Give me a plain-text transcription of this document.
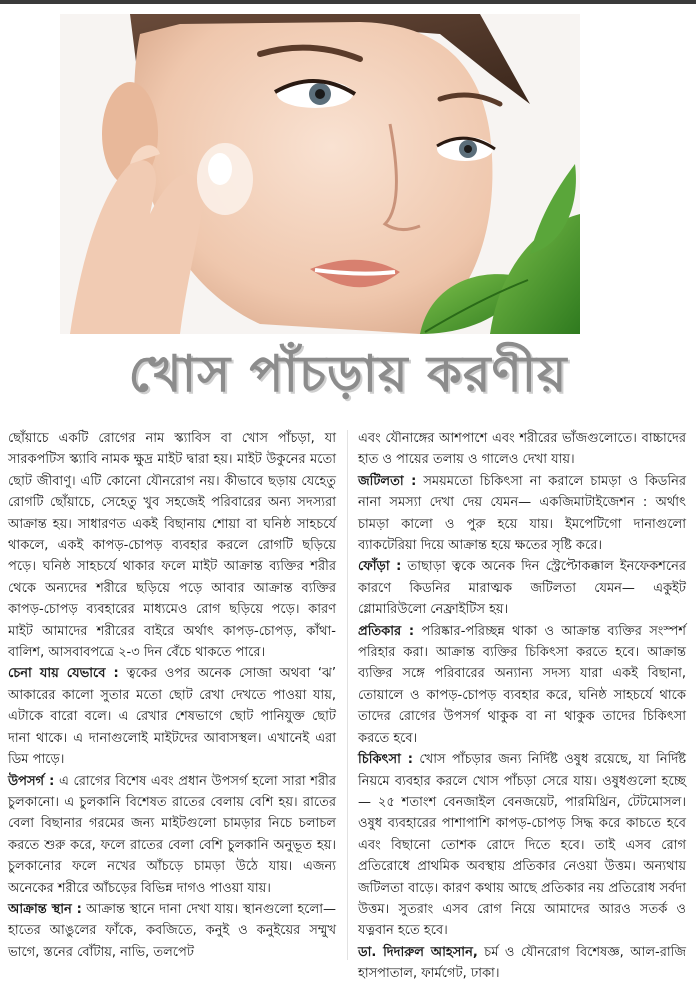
খোস পাঁচড়ায় করণীয়

ছোঁয়াচে একটি রোগের নাম স্ক্যাবিস বা খোস পাঁচড়া, যা সারকপটিস স্ক্যাবি নামক ক্ষুদ্র মাইট দ্বারা হয়। মাইট উকুনের মতো ছোট জীবাণু। এটি কোনো যৌনরোগ নয়। কীভাবে ছড়ায় যেহেতু রোগটি ছোঁয়াচে, সেহেতু খুব সহজেই পরিবারের অন্য সদস্যরা আক্রান্ত হয়। সাধারণত একই বিছানায় শোয়া বা ঘনিষ্ঠ সাহচর্যে থাকলে, একই কাপড়-চোপড় ব্যবহার করলে রোগটি ছড়িয়ে পড়ে। ঘনিষ্ঠ সাহচর্যে থাকার ফলে মাইট আক্রান্ত ব্যক্তির শরীর থেকে অন্যদের শরীরে ছড়িয়ে পড়ে আবার আক্রান্ত ব্যক্তির কাপড়-চোপড় ব্যবহারের মাধ্যমেও রোগ ছড়িয়ে পড়ে। কারণ মাইট আমাদের শরীরের বাইরে অর্থাৎ কাপড়-চোপড়, কাঁথা-বালিশ, আসবাবপত্রে ২-৩ দিন বেঁচে থাকতে পারে।

চেনা যায় যেভাবে : ত্বকের ওপর অনেক সোজা অথবা ‘ঝ’ আকারের কালো সুতার মতো ছোট রেখা দেখতে পাওয়া যায়, এটাকে বারো বলে। এ রেখার শেষভাগে ছোট পানিযুক্ত ছোট দানা থাকে। এ দানাগুলোই মাইটদের আবাসস্থল। এখানেই এরা ডিম পাড়ে।

উপসর্গ : এ রোগের বিশেষ এবং প্রধান উপসর্গ হলো সারা শরীর চুলকানো। এ চুলকানি বিশেষত রাতের বেলায় বেশি হয়। রাতের বেলা বিছানার গরমের জন্য মাইটগুলো চামড়ার নিচে চলাচল করতে শুরু করে, ফলে রাতের বেলা বেশি চুলকানি অনুভূত হয়। চুলকানোর ফলে নখের আঁচড়ে চামড়া উঠে যায়। এজন্য অনেকের শরীরে আঁচড়ের বিভিন্ন দাগও পাওয়া যায়।

আক্রান্ত স্থান : আক্রান্ত স্থানে দানা দেখা যায়। স্থানগুলো হলো— হাতের আঙুলের ফাঁকে, কবজিতে, কনুই ও কনুইয়ের সম্মুখ ভাগে, স্তনের বোঁটায়, নাভি, তলপেট

এবং যৌনাঙ্গের আশপাশে এবং শরীরের ভাঁজগুলোতে। বাচ্চাদের হাত ও পায়ের তলায় ও গালেও দেখা যায়।

জটিলতা : সময়মতো চিকিৎসা না করালে চামড়া ও কিডনির নানা সমস্যা দেখা দেয় যেমন— একজিমাটাইজেশন : অর্থাৎ চামড়া কালো ও পুরু হয়ে যায়। ইমপেটিগো দানাগুলো ব্যাকটেরিয়া দিয়ে আক্রান্ত হয়ে ক্ষতের সৃষ্টি করে।

ফোঁড়া : তাছাড়া ত্বকে অনেক দিন স্ট্রেপ্টোকক্কাল ইনফেকশনের কারণে কিডনির মারাত্মক জটিলতা যেমন— একুইট গ্লোমারিউলো নেফ্রাইটিস হয়।

প্রতিকার : পরিষ্কার-পরিচ্ছন্ন থাকা ও আক্রান্ত ব্যক্তির সংস্পর্শ পরিহার করা। আক্রান্ত ব্যক্তির চিকিৎসা করতে হবে। আক্রান্ত ব্যক্তির সঙ্গে পরিবারের অন্যান্য সদস্য যারা একই বিছানা, তোয়ালে ও কাপড়-চোপড় ব্যবহার করে, ঘনিষ্ঠ সাহচর্যে থাকে তাদের রোগের উপসর্গ থাকুক বা না থাকুক তাদের চিকিৎসা করতে হবে।

চিকিৎসা : খোস পাঁচড়ার জন্য নির্দিষ্ট ওষুধ রয়েছে, যা নির্দিষ্ট নিয়মে ব্যবহার করলে খোস পাঁচড়া সেরে যায়। ওষুধগুলো হচ্ছে— ২৫ শতাংশ বেনজাইল বেনজয়েট, পারমিথ্রিন, টেটমোসল। ওষুধ ব্যবহারের পাশাপাশি কাপড়-চোপড় সিদ্ধ করে কাচতে হবে এবং বিছানো তোশক রোদে দিতে হবে। তাই এসব রোগ প্রতিরোধে প্রাথমিক অবস্থায় প্রতিকার নেওয়া উত্তম। অন্যথায় জটিলতা বাড়ে। কারণ কথায় আছে প্রতিকার নয় প্রতিরোধ সর্বদা উত্তম। সুতরাং এসব রোগ নিয়ে আমাদের আরও সতর্ক ও যত্নবান হতে হবে।

ডা. দিদারুল আহসান, চর্ম ও যৌনরোগ বিশেষজ্ঞ, আল-রাজি হাসপাতাল, ফার্মগেট, ঢাকা।
